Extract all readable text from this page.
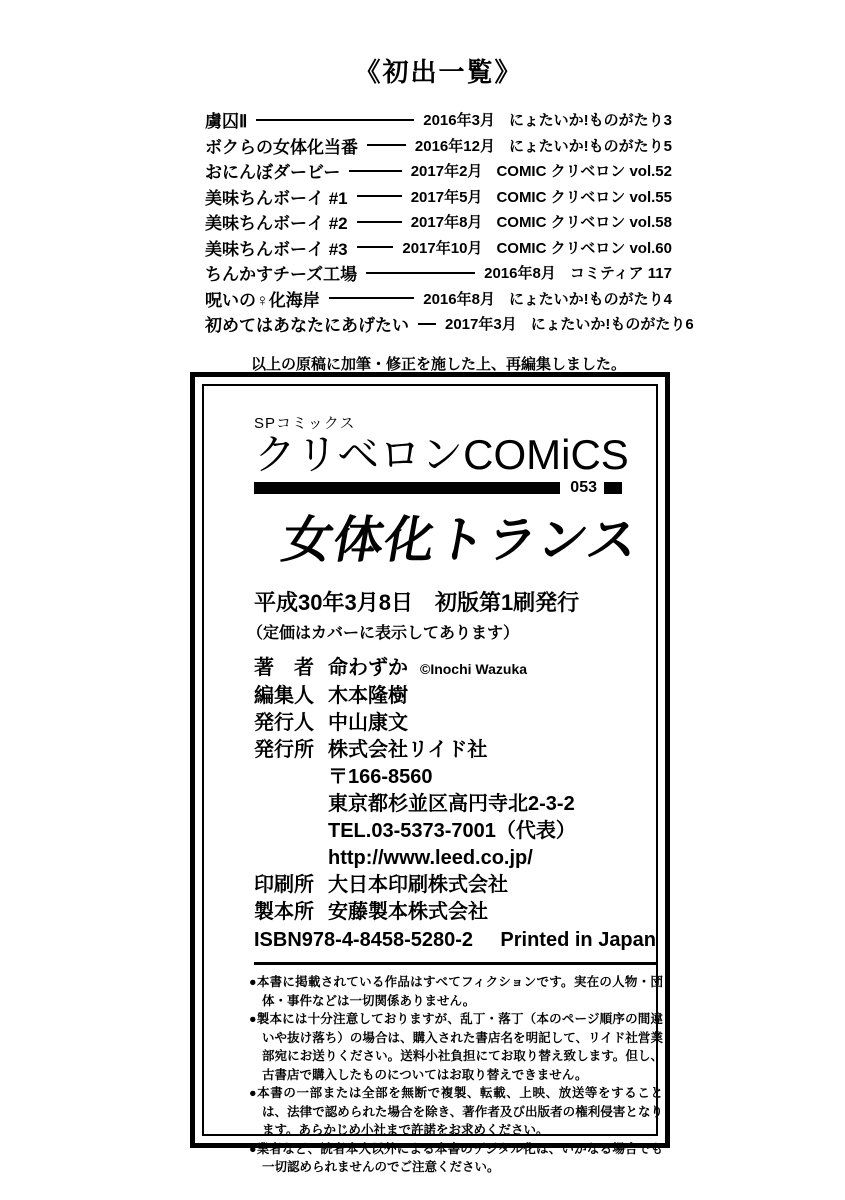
《初出一覧》
虜囚Ⅱ	2016年3月 にょたいか!ものがたり3
ボクらの女体化当番	2016年12月 にょたいか!ものがたり5
おにんぼダービー	2017年2月 COMIC クリベロン vol.52
美味ちんボーイ #1	2017年5月 COMIC クリベロン vol.55
美味ちんボーイ #2	2017年8月 COMIC クリベロン vol.58
美味ちんボーイ #3	2017年10月 COMIC クリベロン vol.60
ちんかすチーズ工場	2016年8月 コミティア 117
呪いの♀化海岸	2016年8月 にょたいか!ものがたり4
初めてはあなたにあげたい 2017年3月 にょたいか!ものがたり6
以上の原稿に加筆・修正を施した上、再編集しました。
SPコミックス
クリベロンCOMiCS
053
女体化トランス
平成30年3月8日　初版第1刷発行
（定価はカバーに表示してあります）
著　者 命わずか ©Inochi Wazuka
編集人 木本隆樹
発行人 中山康文
発行所 株式会社リイド社
〒166-8560
東京都杉並区高円寺北2-3-2
TEL.03-5373-7001（代表）
http://www.leed.co.jp/
印刷所 大日本印刷株式会社
製本所 安藤製本株式会社
ISBN978-4-8458-5280-2 Printed in Japan
●本書に掲載されている作品はすべてフィクションです。実在の人物・団体・事件などは一切関係ありません。
●製本には十分注意しておりますが、乱丁・落丁（本のページ順序の間違いや抜け落ち）の場合は、購入された書店名を明記して、リイド社営業部宛にお送りください。送料小社負担にてお取り替え致します。但し、古書店で購入したものについてはお取り替えできません。
●本書の一部または全部を無断で複製、転載、上映、放送等をすることは、法律で認められた場合を除き、著作者及び出版者の権利侵害となります。あらかじめ小社まで許諾をお求めください。
●業者など、読者本人以外による本書のデジタル化は、いかなる場合でも一切認められませんのでご注意ください。
